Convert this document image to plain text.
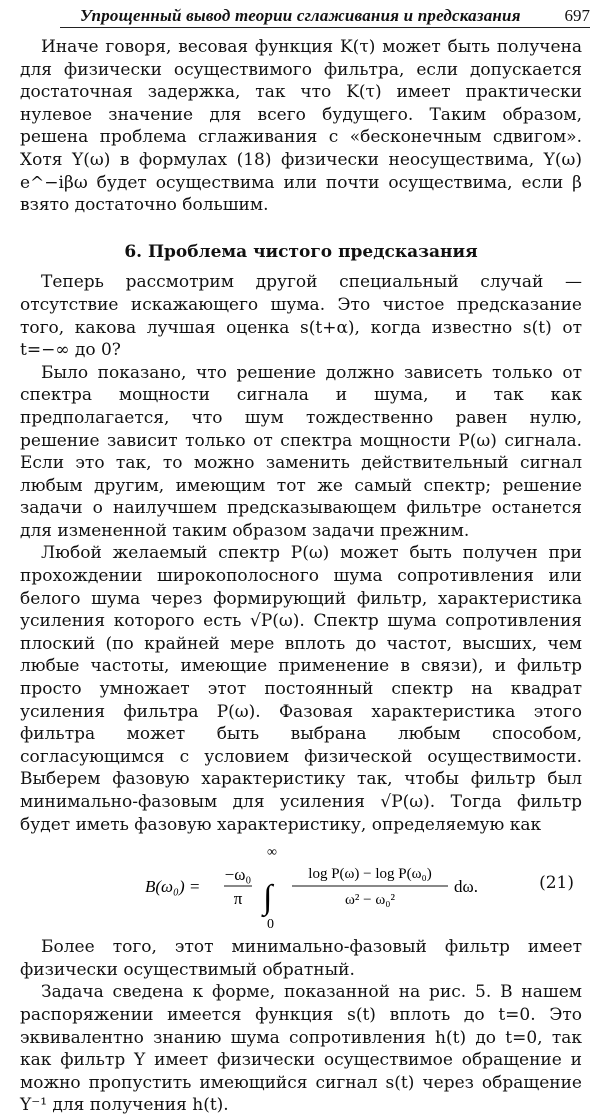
Упрощенный вывод теории сглаживания и предсказания	697

Иначе говоря, весовая функция K(τ) может быть получена для физически осуществимого фильтра, если допускается достаточная задержка, так что K(τ) имеет практически нулевое значение для всего будущего. Таким образом, решена проблема сглаживания с «бесконечным сдвигом». Хотя Y(ω) в формулах (18) физически неосуществима, Y(ω) e^−iβω будет осуществима или почти осуществима, если β взято достаточно большим.

6. Проблема чистого предсказания

Теперь рассмотрим другой специальный случай — отсутствие искажающего шума. Это чистое предсказание того, какова лучшая оценка s(t+α), когда известно s(t) от t=−∞ до 0?

Было показано, что решение должно зависеть только от спектра мощности сигнала и шума, и так как предполагается, что шум тождественно равен нулю, решение зависит только от спектра мощности P(ω) сигнала. Если это так, то можно заменить действительный сигнал любым другим, имеющим тот же самый спектр; решение задачи о наилучшем предсказывающем фильтре останется для измененной таким образом задачи прежним.

Любой желаемый спектр P(ω) может быть получен при прохождении широкополосного шума сопротивления или белого шума через формирующий фильтр, характеристика усиления которого есть √P(ω). Спектр шума сопротивления плоский (по крайней мере вплоть до частот, высших, чем любые частоты, имеющие применение в связи), и фильтр просто умножает этот постоянный спектр на квадрат усиления фильтра P(ω). Фазовая характеристика этого фильтра может быть выбрана любым способом, согласующимся с условием физической осуществимости. Выберем фазовую характеристику так, чтобы фильтр был минимально-фазовым для усиления √P(ω). Тогда фильтр будет иметь фазовую характеристику, определяемую как

B(ω₀) =
−ω₀
π
∞
∫
0
log P(ω) − log P(ω₀)
ω² − ω₀²
dω.	(21)

Более того, этот минимально-фазовый фильтр имеет физически осуществимый обратный.

Задача сведена к форме, показанной на рис. 5. В нашем распоряжении имеется функция s(t) вплоть до t=0. Это эквивалентно знанию шума сопротивления h(t) до t=0, так как фильтр Y имеет физически осуществимое обращение и можно пропустить имеющийся сигнал s(t) через обращение Y⁻¹ для получения h(t).
